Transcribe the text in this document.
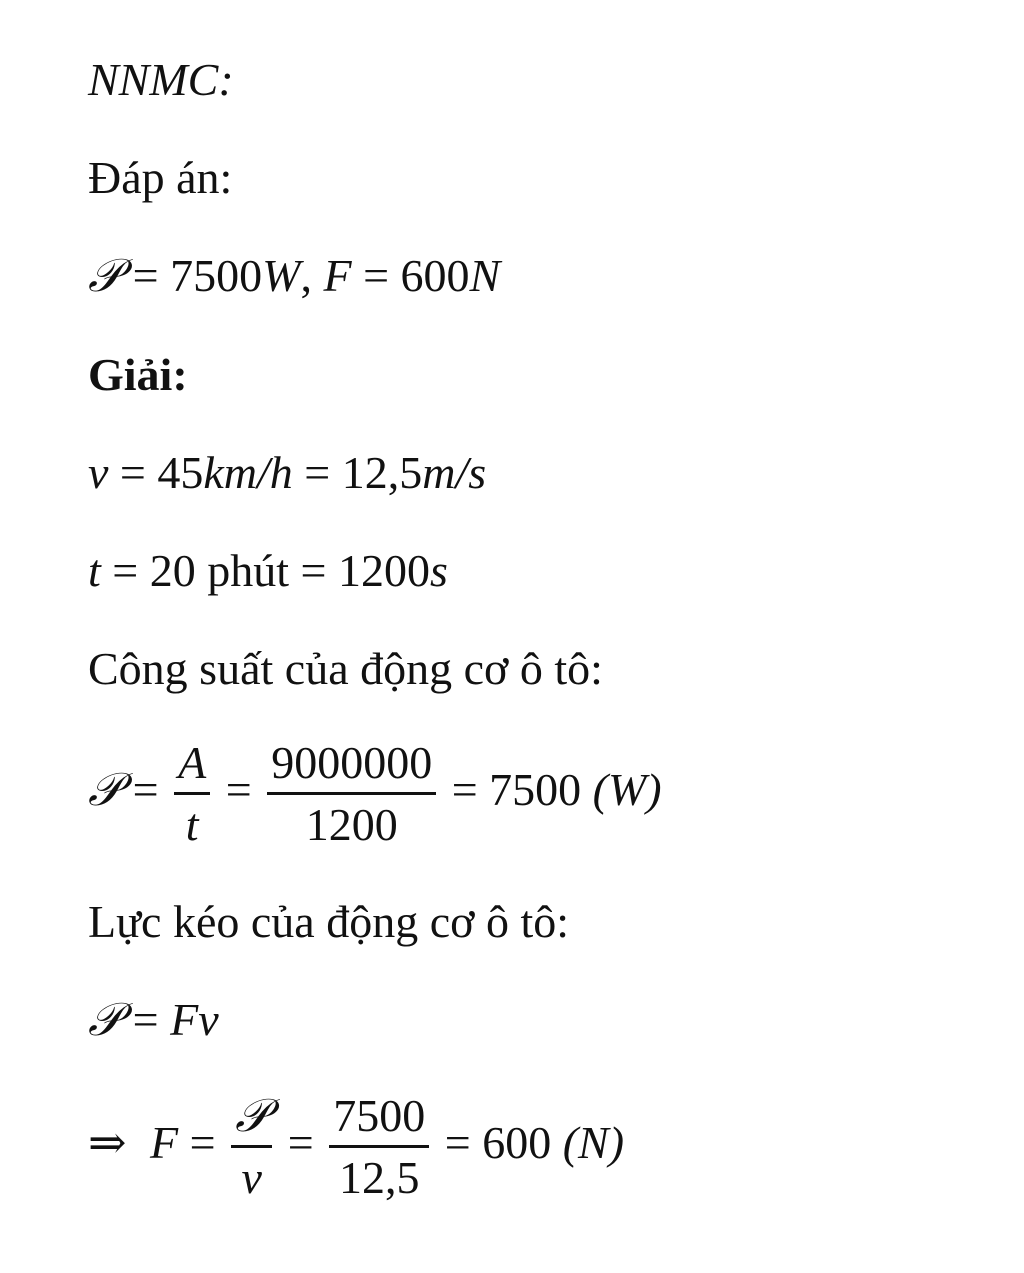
NNMC:
Đáp án:
𝒫 = 7500W, F = 600N
Giải:
v = 45km/h = 12,5m/s
t = 20 phút = 1200s
Công suất của động cơ ô tô:
𝒫 = $\frac{A}{t} = \frac{9000000}{1200} = 7500$ (W)
Lực kéo của động cơ ô tô:
𝒫 = Fv
⇒ $F = \frac{\text{𝒫}}{v} = \frac{7500}{12,5} = 600$ (N)
